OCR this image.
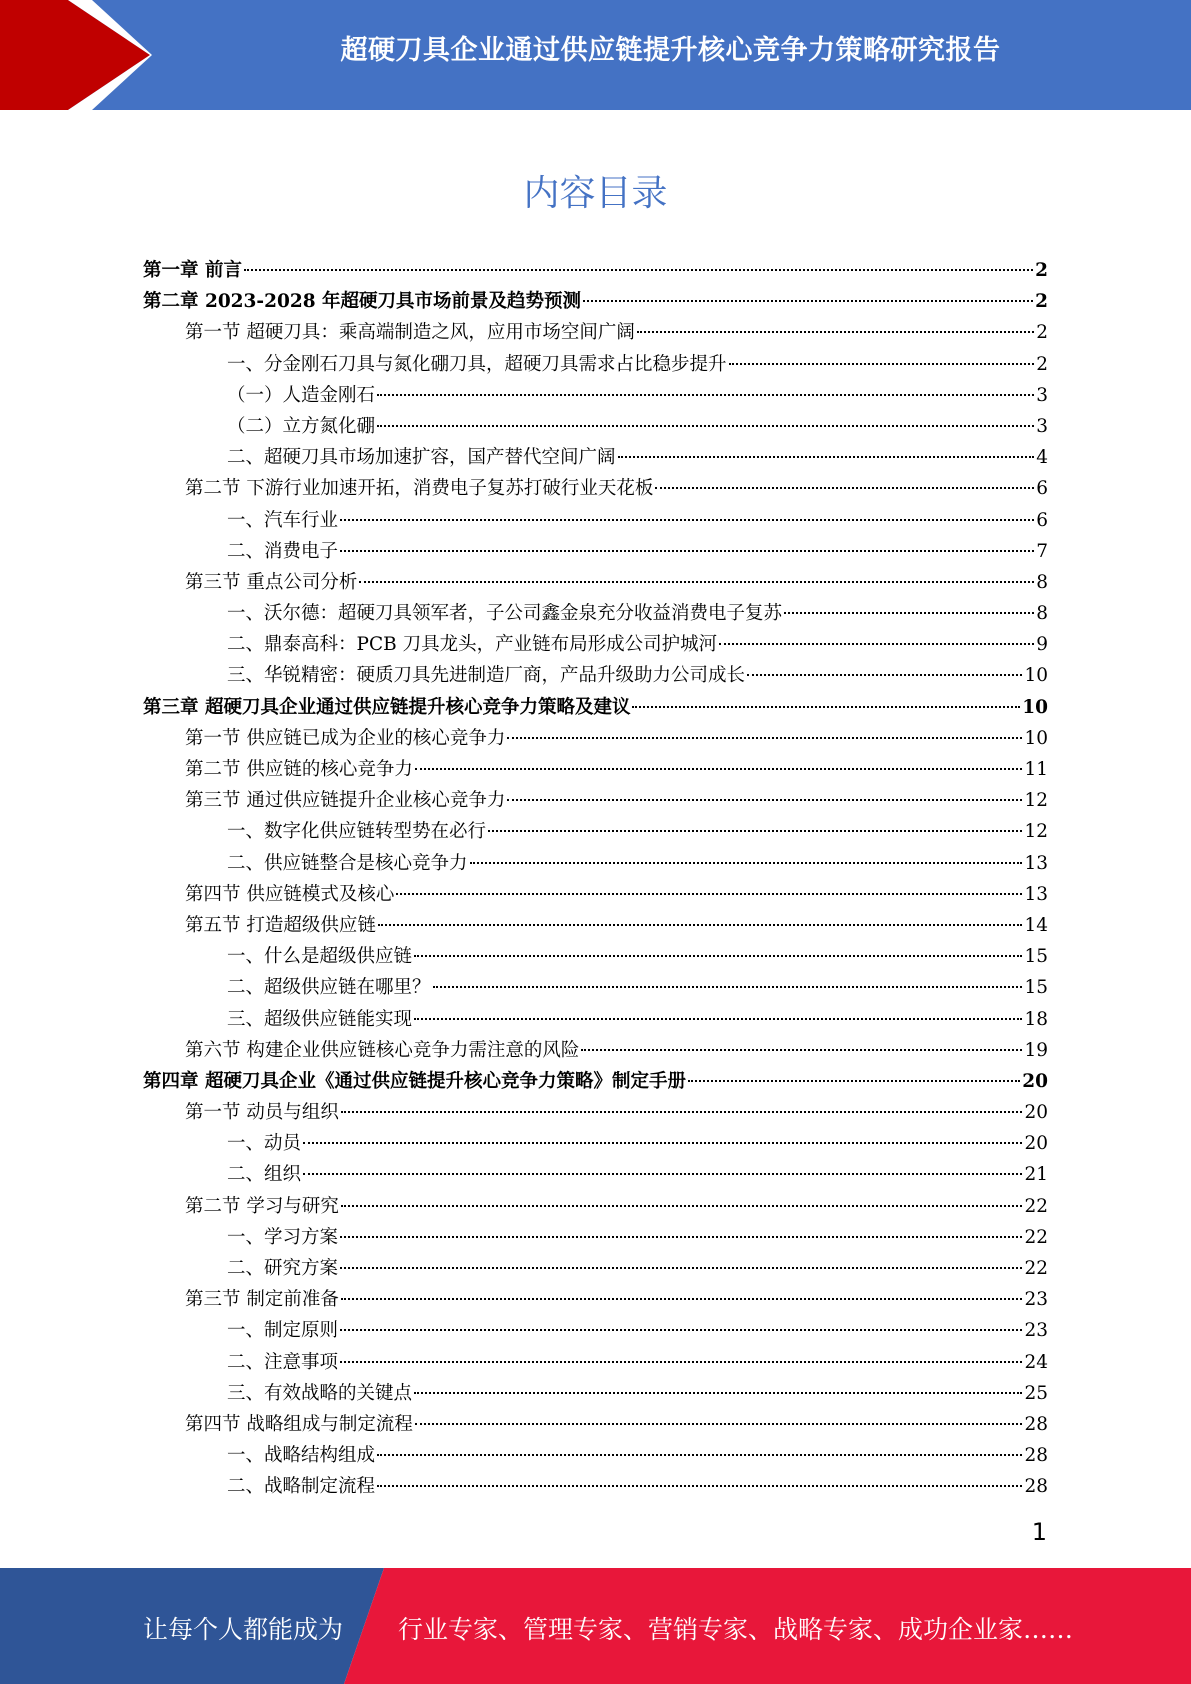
超硬刀具企业通过供应链提升核心竞争力策略研究报告
内容目录
第一章 前言	2
第二章 2023-2028 年超硬刀具市场前景及趋势预测	2
第一节 超硬刀具：乘高端制造之风，应用市场空间广阔	2
一、分金刚石刀具与氮化硼刀具，超硬刀具需求占比稳步提升	2
（一）人造金刚石	3
（二）立方氮化硼	3
二、超硬刀具市场加速扩容，国产替代空间广阔	4
第二节 下游行业加速开拓，消费电子复苏打破行业天花板	6
一、汽车行业	6
二、消费电子	7
第三节 重点公司分析	8
一、沃尔德：超硬刀具领军者，子公司鑫金泉充分收益消费电子复苏	8
二、鼎泰高科：PCB 刀具龙头，产业链布局形成公司护城河	9
三、华锐精密：硬质刀具先进制造厂商，产品升级助力公司成长	10
第三章 超硬刀具企业通过供应链提升核心竞争力策略及建议	10
第一节 供应链已成为企业的核心竞争力	10
第二节 供应链的核心竞争力	11
第三节 通过供应链提升企业核心竞争力	12
一、数字化供应链转型势在必行	12
二、供应链整合是核心竞争力	13
第四节 供应链模式及核心	13
第五节 打造超级供应链	14
一、什么是超级供应链	15
二、超级供应链在哪里？	15
三、超级供应链能实现	18
第六节 构建企业供应链核心竞争力需注意的风险	19
第四章 超硬刀具企业《通过供应链提升核心竞争力策略》制定手册	20
第一节 动员与组织	20
一、动员	20
二、组织	21
第二节 学习与研究	22
一、学习方案	22
二、研究方案	22
第三节 制定前准备	23
一、制定原则	23
二、注意事项	24
三、有效战略的关键点	25
第四节 战略组成与制定流程	28
一、战略结构组成	28
二、战略制定流程	28
1
让每个人都能成为 行业专家、管理专家、营销专家、战略专家、成功企业家……
